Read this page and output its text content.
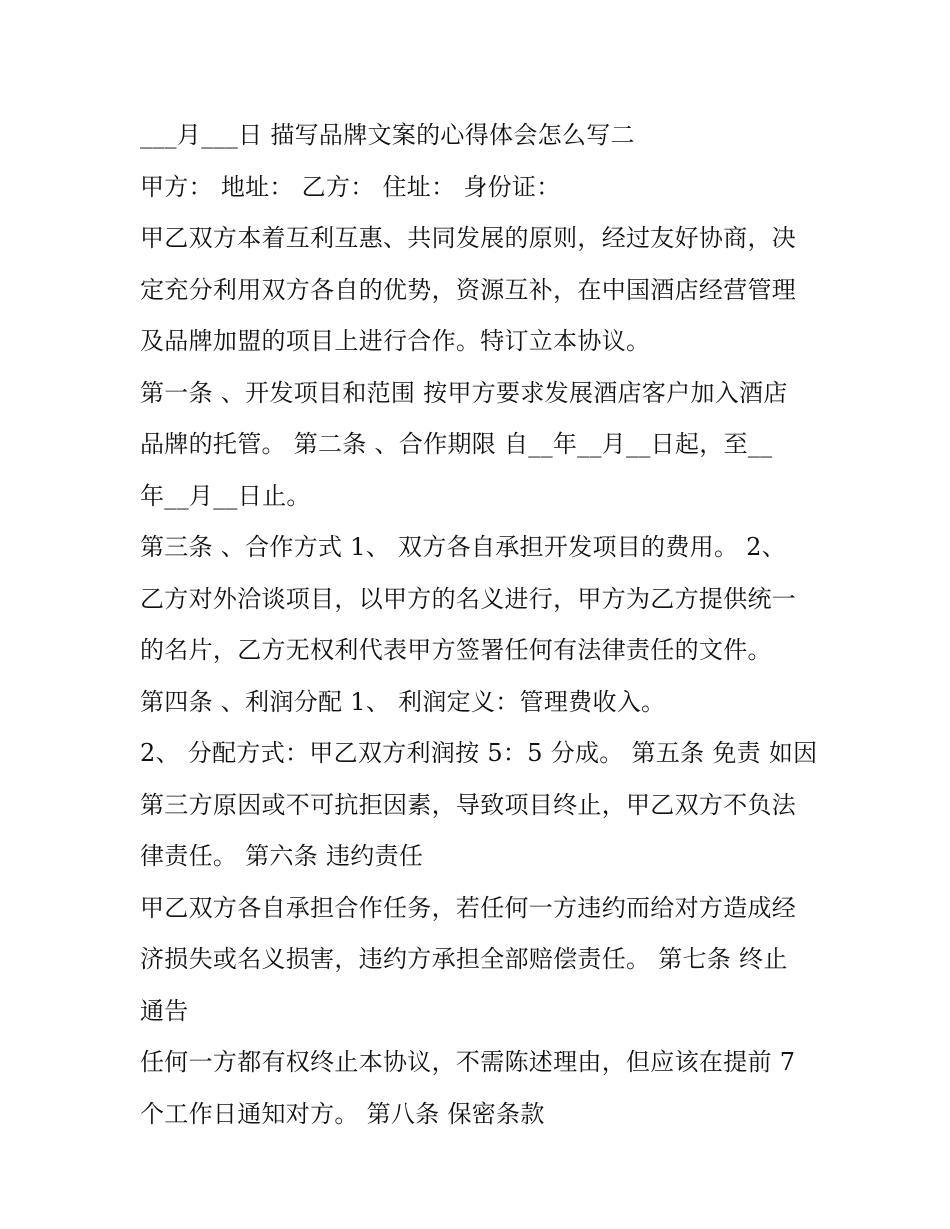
___月___日 描写品牌文案的心得体会怎么写二
甲方： 地址： 乙方： 住址： 身份证：
甲乙双方本着互利互惠、共同发展的原则，经过友好协商，决
定充分利用双方各自的优势，资源互补，在中国酒店经营管理
及品牌加盟的项目上进行合作。特订立本协议。
第一条 、开发项目和范围 按甲方要求发展酒店客户加入酒店
品牌的托管。 第二条 、合作期限 自__年__月__日起，至__
年__月__日止。
第三条 、合作方式 1、 双方各自承担开发项目的费用。 2、
乙方对外洽谈项目，以甲方的名义进行，甲方为乙方提供统一
的名片，乙方无权利代表甲方签署任何有法律责任的文件。
第四条 、利润分配 1、 利润定义：管理费收入。
2、 分配方式：甲乙双方利润按 5：5 分成。 第五条 免责 如因
第三方原因或不可抗拒因素，导致项目终止，甲乙双方不负法
律责任。 第六条 违约责任
甲乙双方各自承担合作任务，若任何一方违约而给对方造成经
济损失或名义损害，违约方承担全部赔偿责任。 第七条 终止
通告
任何一方都有权终止本协议，不需陈述理由，但应该在提前 7
个工作日通知对方。 第八条 保密条款
